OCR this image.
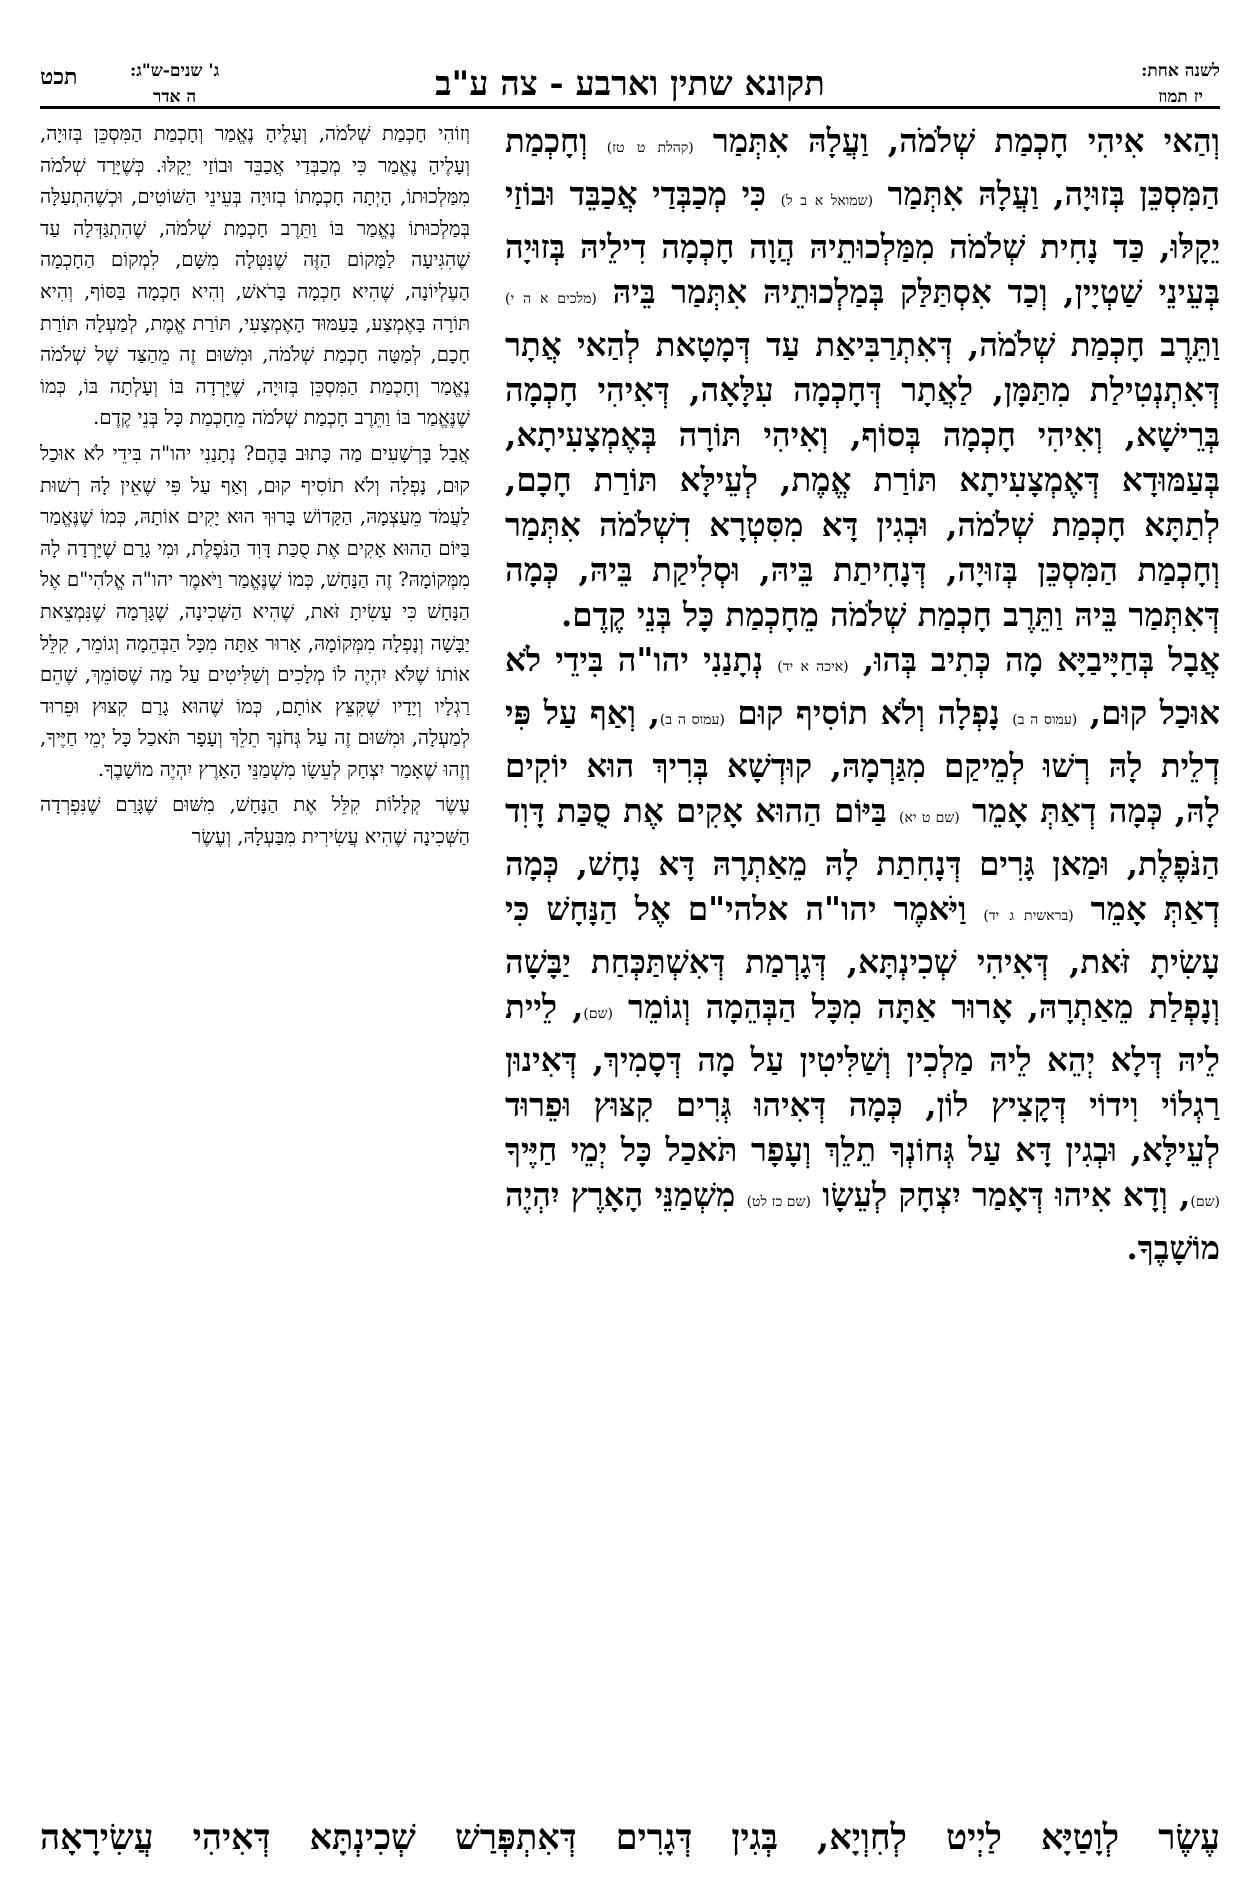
לשנה אחת:
יז תמוז
תקונא שתין וארבע - צה ע"ב
ג' שנים-ש"ג:
ה אדר
תכט

וְהַאי אִיהִי חָכְמַת שְׁלֹמֹה, וַעֲלָהּ אִתְּמַר (קהלת ט טז) וְחָכְמַת הַמִּסְכֵּן בְּזוּיָה, וַעֲלָהּ אִתְּמַר (שמואל א ב ל) כִּי מְכַבְּדַי אֲכַבֵּד וּבוֹזַי יֵקָלּוּ, כַּד נָחִית שְׁלֹמֹה מִמַּלְכוּתֵיהּ הֲוָה חָכְמָה דִילֵיהּ בְּזוּיָה בְּעֵינֵי שַׁטְיָין, וְכַד אִסְתַּלַּק בְּמַלְכוּתֵיהּ אִתְּמַר בֵּיהּ (מלכים א ה י) וַתֵּרֶב חָכְמַת שְׁלֹמֹה, דְּאִתְרַבִּיאַת עַד דְּמָטָאת לְהַאי אֲתָר דְּאִתְנְטִילַת מִתַּמָּן, לַאֲתָר דְּחָכְמָה עִלָּאָה, דְּאִיהִי חָכְמָה בְּרֵישָׁא, וְאִיהִי חָכְמָה בְּסוֹף, וְאִיהִי תּוֹרָה בְּאֶמְצָעִיתָא, בְּעַמּוּדָא דְּאֶמְצָעִיתָא תּוֹרַת אֱמֶת, לְעֵילָּא תּוֹרַת חָכָם, לְתַתָּא חָכְמַת שְׁלֹמֹה, וּבְגִין דָּא מִסִּטְרָא דִשְׁלֹמֹה אִתְּמַר וְחָכְמַת הַמִּסְכֵּן בְּזוּיָה, דְּנָחִיתַת בֵּיהּ, וּסְלִיקַת בֵּיהּ, כְּמָה דְּאִתְּמַר בֵּיהּ וַתֵּרֶב חָכְמַת שְׁלֹמֹה מֵחָכְמַת כָּל בְּנֵי קֶדֶם.

אֲבָל בְּחַיָּיבַיָּא מָה כְּתִיב בְּהוּ, (איכה א יד) נְתָנַנִי יהו"ה בִּידֵי לֹא אוּכַל קוּם, (עמוס ה ב) נָפְלָה וְלֹא תוֹסִיף קוּם (עמוס ה ב), וְאַף עַל פִּי דְלֵית לָהּ רְשׁוּ לְמֵיקַם מִגַּרְמָהּ, קוּדְשָׁא בְּרִיךְ הוּא יוֹקִים לָהּ, כְּמָה דְאַתְּ אָמֵר (שם ט יא) בַּיּוֹם הַהוּא אָקִים אֶת סֻכַּת דָּוִד הַנֹּפֶלֶת, וּמַאן גָּרִים דְּנָחִתַת לָהּ מֵאַתְרָהּ דָּא נָחָשׁ, כְּמָה דְאַתְּ אָמֵר (בראשית ג יד) וַיֹּאמֶר יהו"ה אלהי"ם אֶל הַנָּחָשׁ כִּי עָשִׂיתָ זֹּאת, דְּאִיהִי שְׁכִינְתָּא, דְּגָרְמַת דְּאִשְׁתַּכְּחַת יַבָּשָׁה וְנָפְלַת מֵאַתְרָהּ, אָרוּר אַתָּה מִכָּל הַבְּהֵמָה וְגוֹמֵר (שם), לֵיית לֵיהּ דְּלָא יְהֵא לֵיהּ מַלְכִין וְשַׁלִּיטִין עַל מָה דְּסָמִיךְ, דְּאִינוּן רַגְלוֹי וִידוֹי דְּקָצִיץ לוֹן, כְּמָה דְּאִיהוּ גְּרִים קִצּוּץ וּפֵרוּד לְעֵילָּא, וּבְגִין דָּא עַל גְּחוֹנְךָ תֵלֵךְ וְעָפָר תֹּאכַל כָּל יְמֵי חַיֶּיךָ (שם), וְדָא אִיהוּ דְּאָמַר יִצְחָק לְעֵשָׂו (שם כז לט) מִשְׁמַנֵּי הָאָרֶץ יִהְיֶה מוֹשָׁבֶךָ.

וְזוֹהִי חָכְמַת שְׁלֹמֹה, וְעָלֶיהָ נֶאֱמַר וְחָכְמַת הַמִּסְכֵּן בְּזוּיָה, וְעָלֶיהָ נֶאֱמַר כִּי מְכַבְּדַי אֲכַבֵּד וּבוֹזַי יֵקָלּוּ. כְּשֶׁיָּרַד שְׁלֹמֹה מִמַּלְכוּתוֹ, הָיְתָה חָכְמָתוֹ בְזוּיָה בְּעֵינֵי הַשּׁוֹטִים, וּכְשֶׁהִתְעַלָּה בְּמַלְכוּתוֹ נֶאֱמַר בּוֹ וַתֵּרֶב חָכְמַת שְׁלֹמֹה, שֶׁהִתְגַּדְּלָה עַד שֶׁהִגִּיעָה לַמָּקוֹם הַזֶּה שֶׁנִּטְּלָה מִשָּׁם, לִמְקוֹם הַחָכְמָה הָעֶלְיוֹנָה, שֶׁהִיא חָכְמָה בָּרֹאשׁ, וְהִיא חָכְמָה בַּסּוֹף, וְהִיא תּוֹרָה בָּאֶמְצַע, בָּעַמּוּד הָאֶמְצָעִי, תּוֹרַת אֱמֶת, לְמַעְלָה תּוֹרַת חָכָם, לְמַטָּה חָכְמַת שְׁלֹמֹה, וּמִשּׁוּם זֶה מֵהַצַּד שֶׁל שְׁלֹמֹה נֶאֱמַר וְחָכְמַת הַמִּסְכֵּן בְּזוּיָה, שֶׁיָּרְדָה בּוֹ וְעָלְתָה בּוֹ, כְּמוֹ שֶׁנֶּאֱמַר בּוֹ וַתֵּרֶב חָכְמַת שְׁלֹמֹה מֵחָכְמַת כָּל בְּנֵי קֶדֶם.

אֲבָל בָּרְשָׁעִים מַה כָּתוּב בָּהֶם? נְתָנַנִי יהו"ה בִּידֵי לֹא אוּכַל קוּם, נָפְלָה וְלֹא תוֹסִיף קוּם, וְאַף עַל פִּי שֶׁאֵין לָהּ רְשׁוּת לַעֲמֹד מֵעַצְמָהּ, הַקָּדוֹשׁ בָּרוּךְ הוּא יָקִים אוֹתָהּ, כְּמוֹ שֶׁנֶּאֱמַר בַּיּוֹם הַהוּא אָקִים אֶת סֻכַּת דָּוִד הַנֹּפֶלֶת, וּמִי גָרַם שֶׁיָּרְדָה לָהּ מִמְּקוֹמָהּ? זֶה הַנָּחָשׁ, כְּמוֹ שֶׁנֶּאֱמַר וַיֹּאמֶר יהו"ה אֱלֹהִי"ם אֶל הַנָּחָשׁ כִּי עָשִׂיתָ זֹּאת, שֶׁהִיא הַשְּׁכִינָה, שֶׁגָּרְמָה שֶׁנִּמְצֵאת יַבָּשָׁה וְנָפְלָה מִמְּקוֹמָהּ, אָרוּר אַתָּה מִכָּל הַבְּהֵמָה וְגוֹמֵר, קִלֵּל אוֹתוֹ שֶׁלֹּא יִהְיֶה לוֹ מְלָכִים וְשַׁלִּיטִים עַל מַה שֶׁסּוֹמֵךְ, שֶׁהֵם רַגְלָיו וְיָדָיו שֶׁקִּצֵּץ אוֹתָם, כְּמוֹ שֶׁהוּא גָרַם קִצּוּץ וּפֵרוּד לְמַעְלָה, וּמִשּׁוּם זֶה עַל גְּחֹנְךָ תֵלֵךְ וְעָפָר תֹּאכַל כָּל יְמֵי חַיֶּיךָ, וְזֶהוּ שֶׁאָמַר יִצְחָק לְעֵשָׂו מִשְׁמַנֵּי הָאָרֶץ יִהְיֶה מוֹשָׁבֶךָ.

עֶשֶׂר קְלָלוֹת קִלֵּל אֶת הַנָּחָשׁ, מִשּׁוּם שֶׁגָּרַם שֶׁנִּפְרְדָה הַשְּׁכִינָה שֶׁהִיא עֲשִׂירִית מִבַּעְלָהּ, וְעֶשֶׂר

עֶשֶׂר לְוָטַיָּא לַיְיט לְחִוְיָא, בְּגִין דְּגָרִים דְּאִתְפְּרַשׁ שְׁכִינְתָּא דְּאִיהִי עֲשִׂירָאָה
